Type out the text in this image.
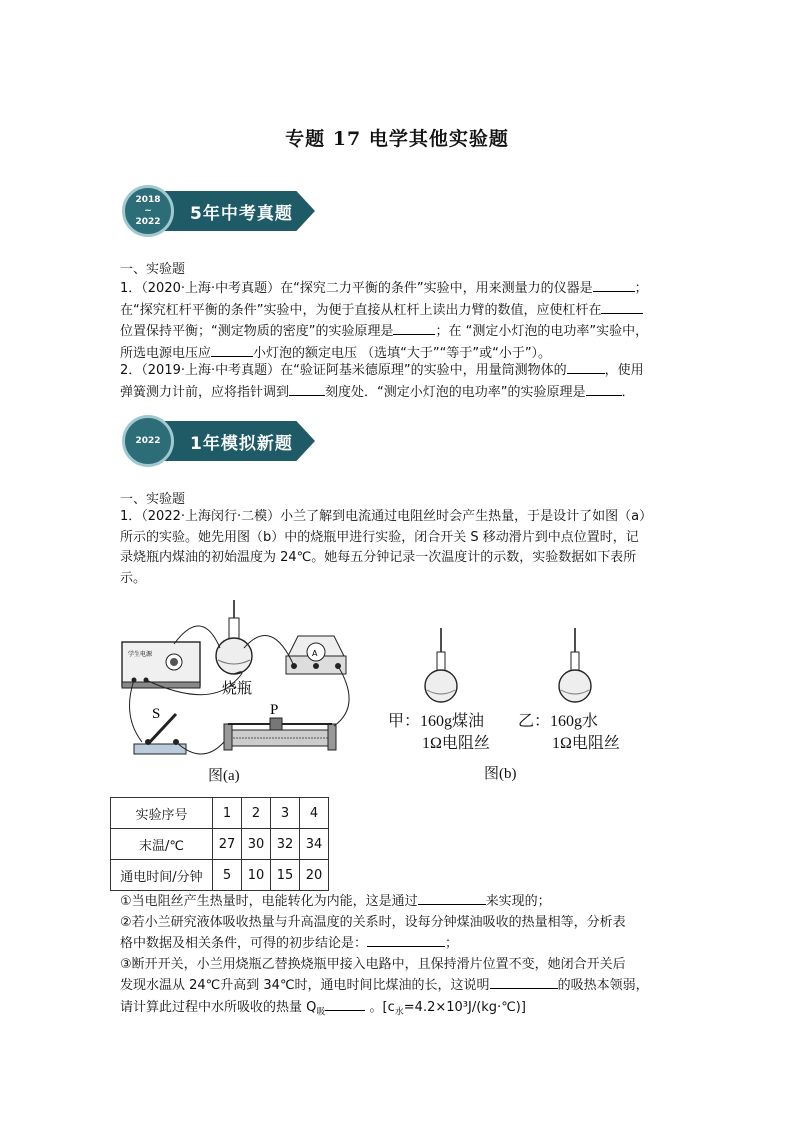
专题 17 电学其他实验题
2018
~
2022 5年中考真题
一、实验题

1．（2020·上海·中考真题）在“探究二力平衡的条件”实验中，用来测量力的仪器是	；

在“探究杠杆平衡的条件”实验中，为便于直接从杠杆上读出力臂的数值，应使杠杆在

位置保持平衡；“测定物质的密度”的实验原理是	；在 “测定小灯泡的电功率”实验中，

所选电源电压应	小灯泡的额定电压 （选填“大于”“等于”或“小于”）。

2．（2019·上海·中考真题）在“验证阿基米德原理”的实验中，用量筒测物体的	，使用

弹簧测力计前，应将指针调到	刻度处．“测定小灯泡的电功率”的实验原理是	．

2022 1年模拟新题
一、实验题

1．（2022·上海闵行·二模）小兰了解到电流通过电阻丝时会产生热量，于是设计了如图（a）

所示的实验。她先用图（b）中的烧瓶甲进行实验，闭合开关 S 移动滑片到中点位置时，记

录烧瓶内煤油的初始温度为 24℃。她每五分钟记录一次温度计的示数，实验数据如下表所

示。

学生电源
烧瓶
A
S	P
图(a)
甲：160g煤油
1Ω电阻丝
乙：160g水
1Ω电阻丝
图(b)
实验序号	1	2	3	4
末温/℃	27	30	32	34
通电时间/分钟	5	10	15	20

①当电阻丝产生热量时，电能转化为内能，这是通过	来实现的；

②若小兰研究液体吸收热量与升高温度的关系时，设每分钟煤油吸收的热量相等，分析表

格中数据及相关条件，可得的初步结论是：	；

③断开开关，小兰用烧瓶乙替换烧瓶甲接入电路中，且保持滑片位置不变，她闭合开关后

发现水温从 24℃升高到 34℃时，通电时间比煤油的长，这说明	的吸热本领弱，

请计算此过程中水所吸收的热量 $Q_吸$	。$[c_水=4.2\times 10^3J/(kg\cdot℃)]$
